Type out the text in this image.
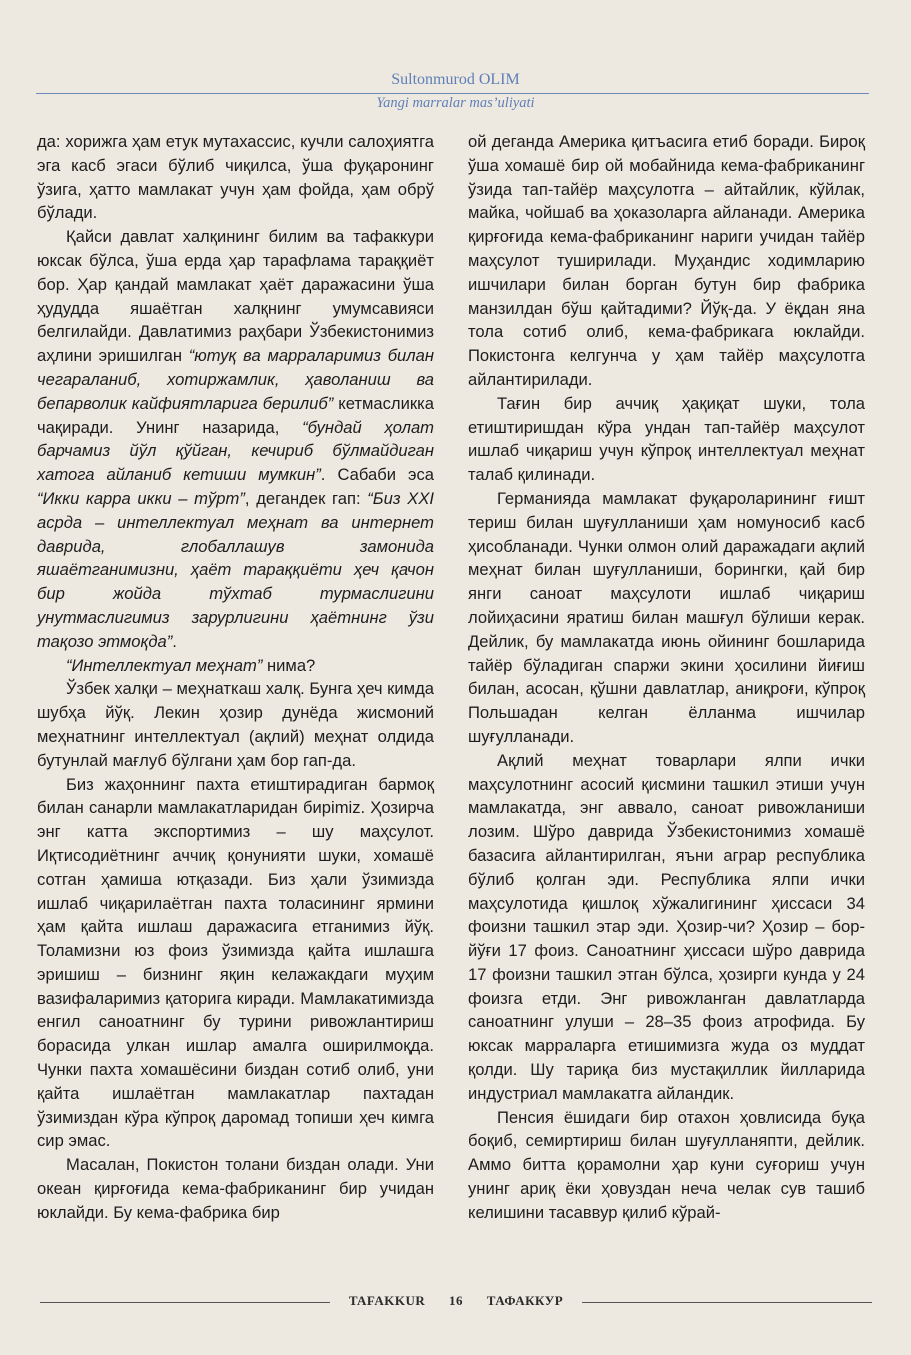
Sultonmurod OLIM
Yangi marralar mas’uliyati

да: хорижга ҳам етук мутахассис, кучли салоҳиятга эга касб эгаси бўлиб чиқилса, ўша фуқаронинг ўзига, ҳатто мамлакат учун ҳам фойда, ҳам обрў бўлади.

Қайси давлат халқининг билим ва тафаккури юксак бўлса, ўша ерда ҳар тарафлама тараққиёт бор. Ҳар қандай мамлакат ҳаёт даражасини ўша ҳудудда яшаётган халқнинг умумсавияси белгилайди. Давлатимиз раҳбари Ўзбекистонимиз аҳлини эришилган “ютуқ ва марраларимиз билан чегараланиб, хотиржамлик, ҳаволаниш ва бепарволик кайфиятларига берилиб” кетмасликка чақиради. Унинг назарида, “бундай ҳолат барчамиз йўл қўйган, кечириб бўлмайдиган хатога айланиб кетиши мумкин”. Сабаби эса “Икки карра икки – тўрт”, дегандек гап: “Биз XXI асрда – интеллектуал меҳнат ва интернет даврида, глобаллашув замонида яшаётганимизни, ҳаёт тараққиёти ҳеч қачон бир жойда тўхтаб турмаслигини унутмаслигимиз зарурлигини ҳаётнинг ўзи тақозо этмоқда”.

“Интеллектуал меҳнат” нима?

Ўзбек халқи – меҳнаткаш халқ. Бунга ҳеч кимда шубҳа йўқ. Лекин ҳозир дунёда жисмоний меҳнатнинг интеллектуал (ақлий) меҳнат олдида бутунлай мағлуб бўлгани ҳам бор гап-да.

Биз жаҳоннинг пахта етиштирадиган бармоқ билан санарли мамлакатларидан бирimiz. Ҳозирча энг катта экспортимиз – шу маҳсулот. Иқтисодиётнинг аччиқ қонунияти шуки, хомашё сотган ҳамиша ютқазади. Биз ҳали ўзимизда ишлаб чиқарилаётган пахта толасининг ярмини ҳам қайта ишлаш даражасига етганимиз йўқ. Толамизни юз фоиз ўзимизда қайта ишлашга эришиш – бизнинг яқин келажакдаги муҳим вазифаларимиз қаторига киради. Мамлакатимизда енгил саноатнинг бу турини ривожлантириш борасида улкан ишлар амалга оширилмоқда. Чунки пахта хомашёсини биздан сотиб олиб, уни қайта ишлаётган мамлакатлар пахтадан ўзимиздан кўра кўпроқ даромад топиши ҳеч кимга сир эмас.

Масалан, Покистон толани биздан олади. Уни океан қирғоғида кема-фабриканинг бир учидан юклайди. Бу кема-фабрика бир

ой деганда Америка қитъасига етиб боради. Бироқ ўша хомашё бир ой мобайнида кема-фабриканинг ўзида тап-тайёр маҳсулотга – айтайлик, кўйлак, майка, чойшаб ва ҳоказоларга айланади. Америка қирғоғида кема-фабриканинг нариги учидан тайёр маҳсулот туширилади. Муҳандис ходимларию ишчилари билан борган бутун бир фабрика манзилдан бўш қайтадими? Йўқ-да. У ёқдан яна тола сотиб олиб, кема-фабрикага юклайди. Покистонга келгунча у ҳам тайёр маҳсулотга айлантирилади.

Тағин бир аччиқ ҳақиқат шуки, тола етиштиришдан кўра ундан тап-тайёр маҳсулот ишлаб чиқариш учун кўпроқ интеллектуал меҳнат талаб қилинади.

Германияда мамлакат фуқароларининг ғишт териш билан шуғулланиши ҳам номуносиб касб ҳисобланади. Чунки олмон олий даражадаги ақлий меҳнат билан шуғулланиши, борингки, қай бир янги саноат маҳсулоти ишлаб чиқариш лойиҳасини яратиш билан машғул бўлиши керак. Дейлик, бу мамлакатда июнь ойининг бошларида тайёр бўладиган спаржи экини ҳосилини йиғиш билан, асосан, қўшни давлатлар, аниқроғи, кўпроқ Польшадан келган ёлланма ишчилар шуғулланади.

Ақлий меҳнат товарлари ялпи ички маҳсулотнинг асосий қисмини ташкил этиши учун мамлакатда, энг аввало, саноат ривожланиши лозим. Шўро даврида Ўзбекистонимиз хомашё базасига айлантирилган, яъни аграр республика бўлиб қолган эди. Республика ялпи ички маҳсулотида қишлоқ хўжалигининг ҳиссаси 34 фоизни ташкил этар эди. Ҳозир-чи? Ҳозир – бор-йўғи 17 фоиз. Саноатнинг ҳиссаси шўро даврида 17 фоизни ташкил этган бўлса, ҳозирги кунда у 24 фоизга етди. Энг ривожланган давлатларда саноатнинг улуши – 28–35 фоиз атрофида. Бу юксак марраларга етишимизга жуда оз муддат қолди. Шу тариқа биз мустақиллик йилларида индустриал мамлакатга айландик.

Пенсия ёшидаги бир отахон ҳовлисида буқа боқиб, семиртириш билан шуғулланяпти, дейлик. Аммо битта қорамолни ҳар куни суғориш учун унинг ариқ ёки ҳовуздан неча челак сув ташиб келишини тасаввур қилиб кўрай-

TAFAKKUR 16 ТАФАККУР
